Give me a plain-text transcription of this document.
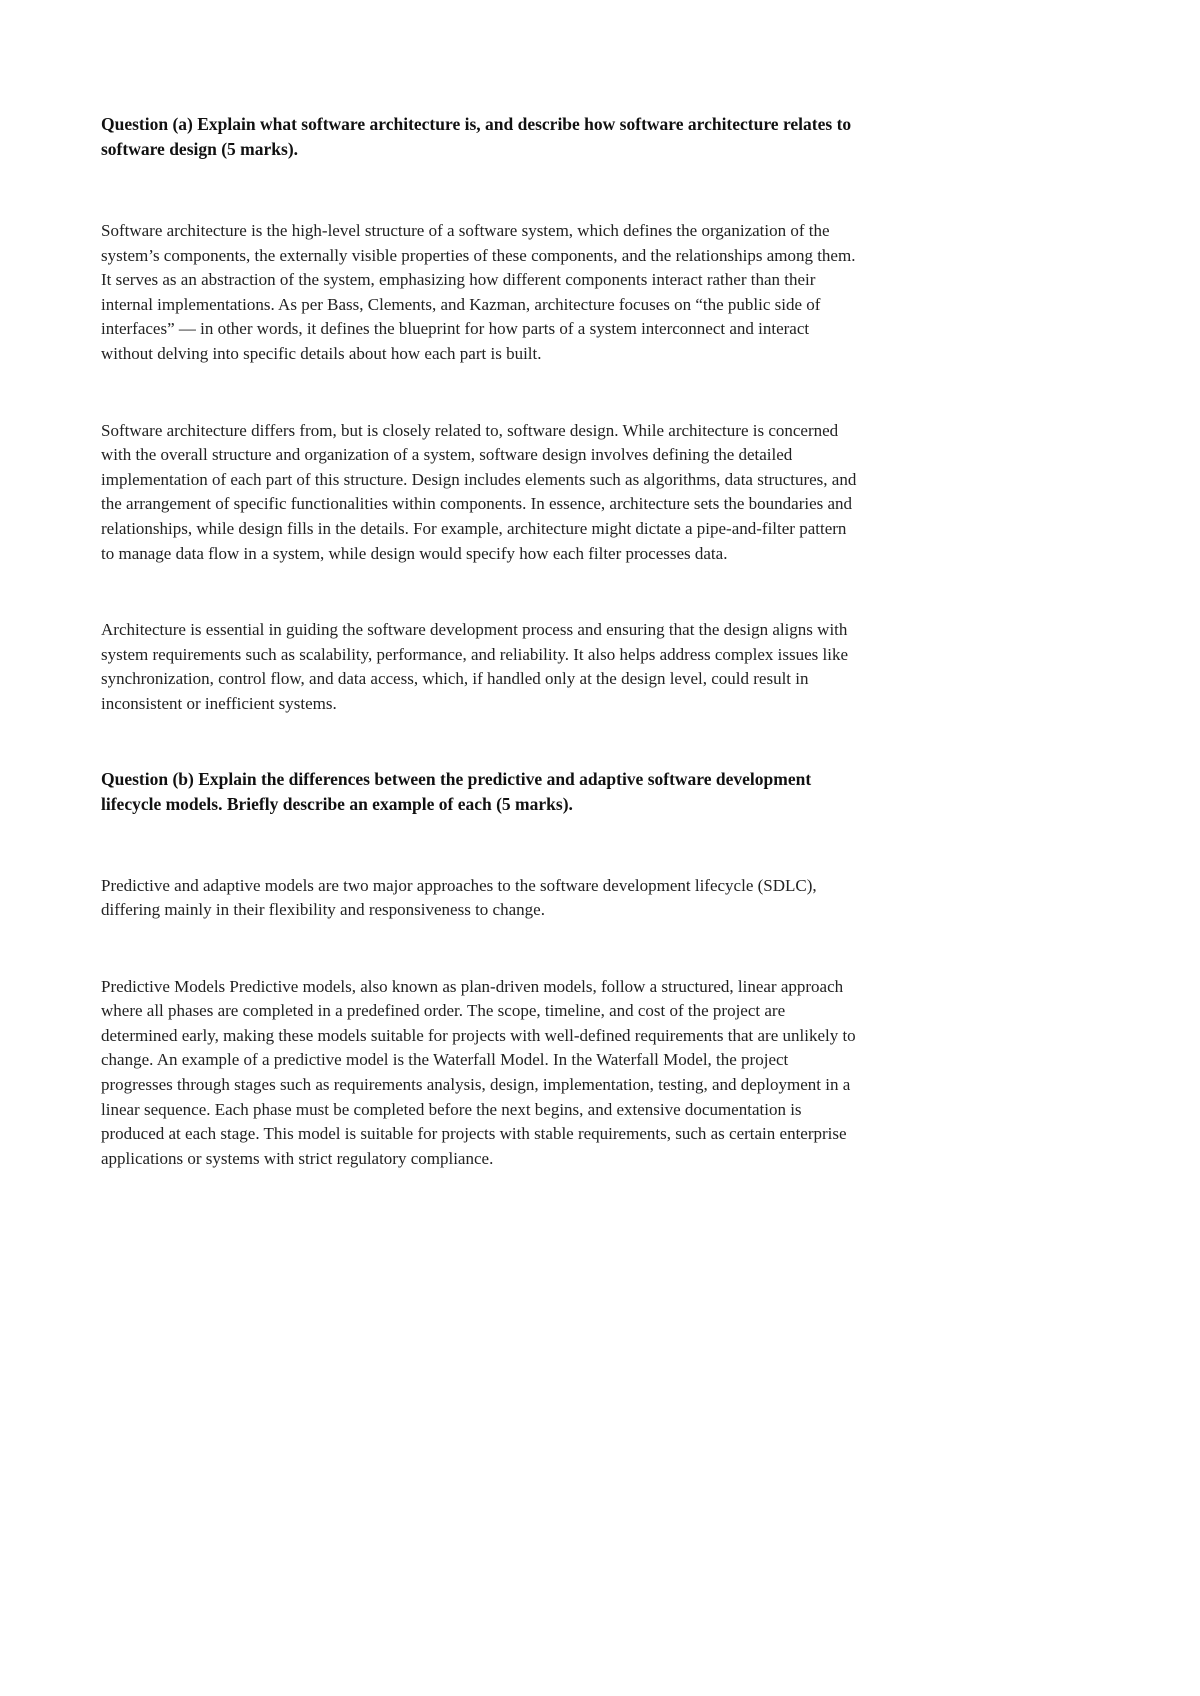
Question (a) Explain what software architecture is, and describe how software architecture relates to software design (5 marks).

Software architecture is the high-level structure of a software system, which defines the organization of the system’s components, the externally visible properties of these components, and the relationships among them. It serves as an abstraction of the system, emphasizing how different components interact rather than their internal implementations. As per Bass, Clements, and Kazman, architecture focuses on “the public side of interfaces” — in other words, it defines the blueprint for how parts of a system interconnect and interact without delving into specific details about how each part is built.

Software architecture differs from, but is closely related to, software design. While architecture is concerned with the overall structure and organization of a system, software design involves defining the detailed implementation of each part of this structure. Design includes elements such as algorithms, data structures, and the arrangement of specific functionalities within components. In essence, architecture sets the boundaries and relationships, while design fills in the details. For example, architecture might dictate a pipe-and-filter pattern to manage data flow in a system, while design would specify how each filter processes data.

Architecture is essential in guiding the software development process and ensuring that the design aligns with system requirements such as scalability, performance, and reliability. It also helps address complex issues like synchronization, control flow, and data access, which, if handled only at the design level, could result in inconsistent or inefficient systems.

Question (b) Explain the differences between the predictive and adaptive software development lifecycle models. Briefly describe an example of each (5 marks).

Predictive and adaptive models are two major approaches to the software development lifecycle (SDLC), differing mainly in their flexibility and responsiveness to change.

Predictive Models Predictive models, also known as plan-driven models, follow a structured, linear approach where all phases are completed in a predefined order. The scope, timeline, and cost of the project are determined early, making these models suitable for projects with well-defined requirements that are unlikely to change. An example of a predictive model is the Waterfall Model. In the Waterfall Model, the project progresses through stages such as requirements analysis, design, implementation, testing, and deployment in a linear sequence. Each phase must be completed before the next begins, and extensive documentation is produced at each stage. This model is suitable for projects with stable requirements, such as certain enterprise applications or systems with strict regulatory compliance.
